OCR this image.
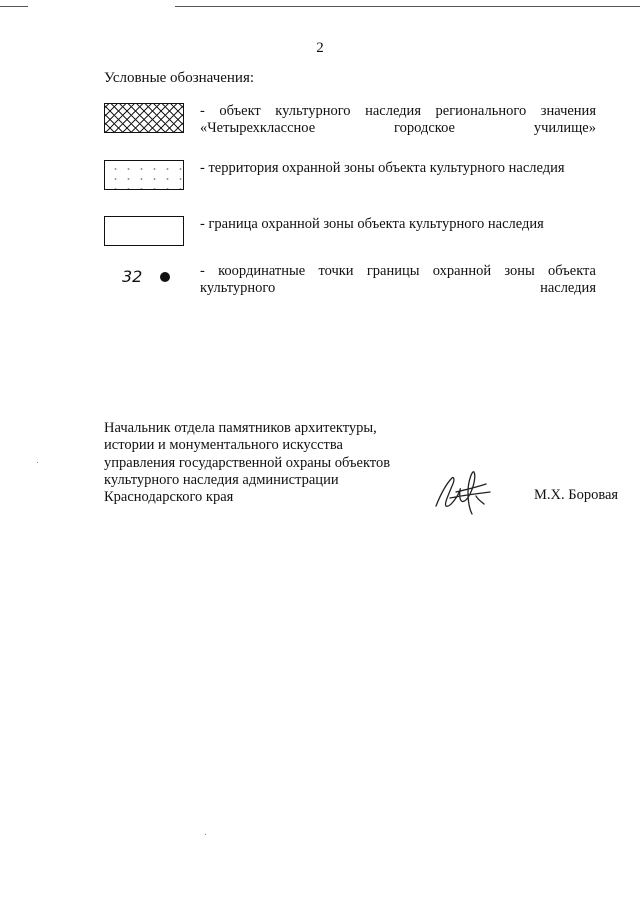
2
Условные обозначения:
- объект культурного наследия регионального значения
«Четырехклассное городское училище»
- территория охранной зоны объекта культурного наследия
- граница охранной зоны объекта культурного наследия
32	- координатные точки границы охранной зоны объекта
культурного наследия
Начальник отдела памятников архитектуры,
истории и монументального искусства
управления государственной охраны объектов
культурного наследия администрации
Краснодарского края	М.Х. Боровая
